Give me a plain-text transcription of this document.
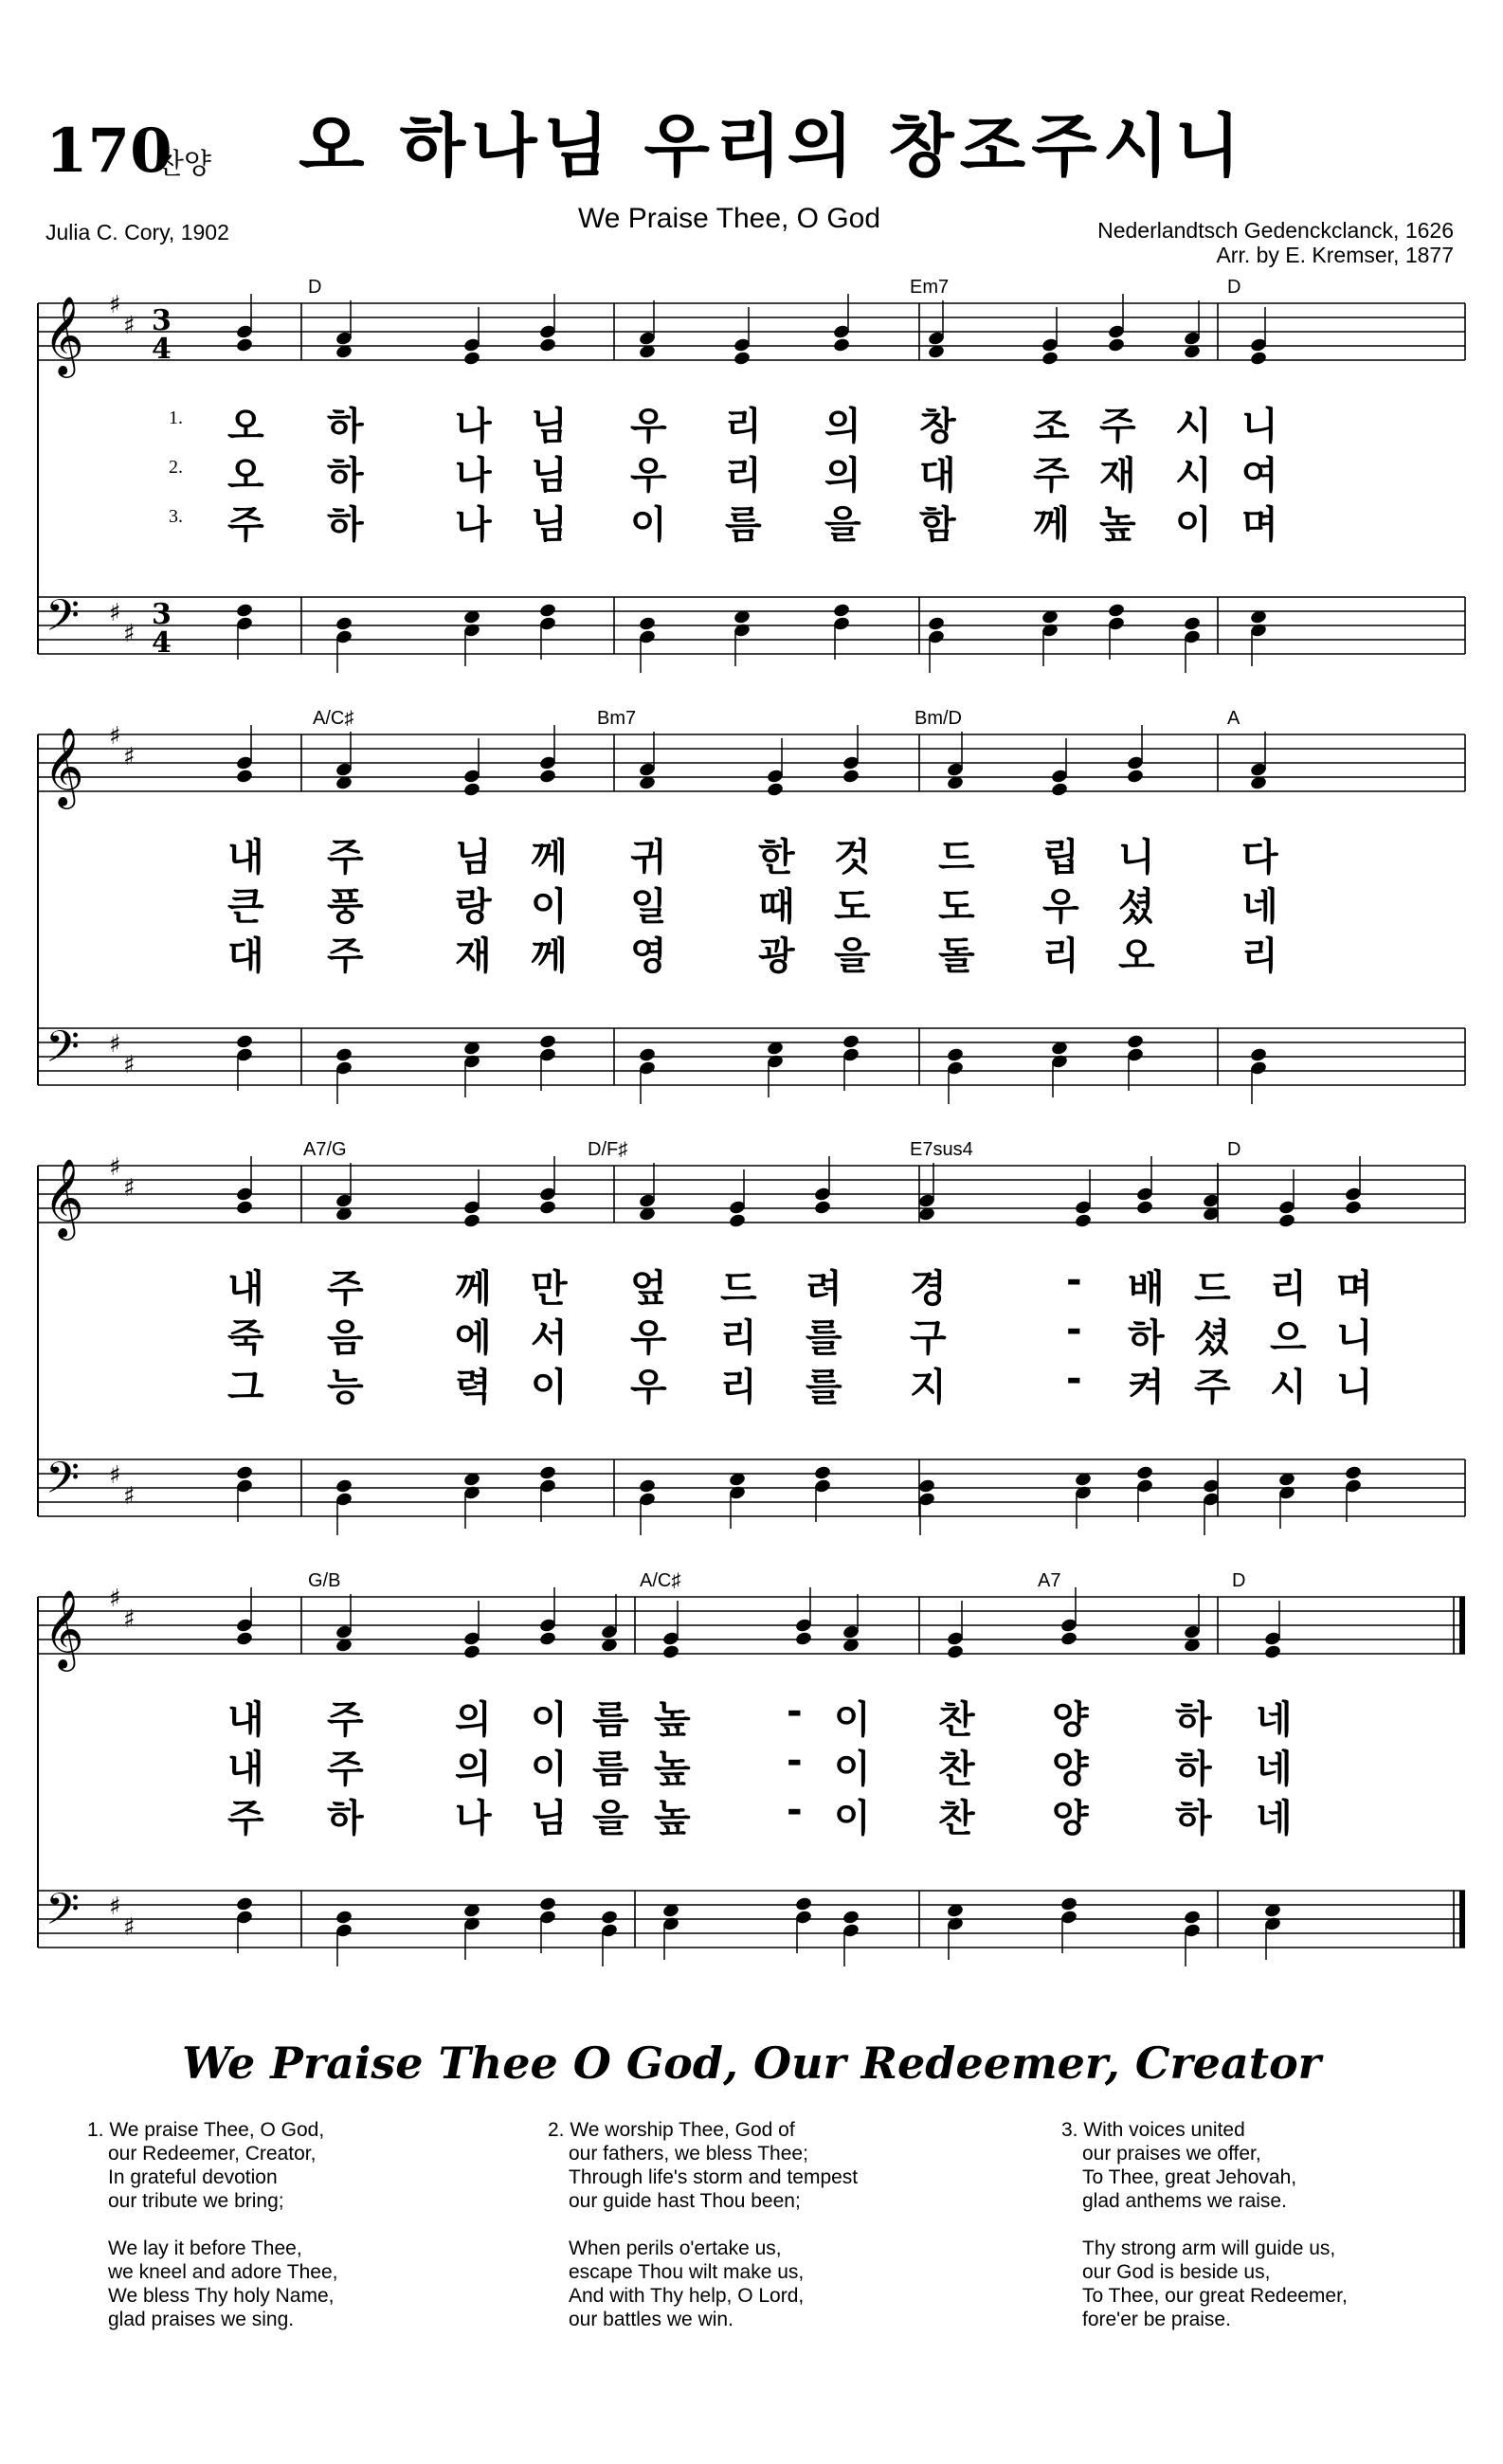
170
찬양 오 하나님 우리의 창조주시니
We Praise Thee, O God
Julia C. Cory, 1902	Nederlandtsch Gedenckclanck, 1626
Arr. by E. Kremser, 1877
𝄞
𝄢
♯
♯
♯
♯
3
4
3
4
D	Em7	D
1. 오 하 나 님 우 리 의 창 조 주 시 니
2. 오 하 나 님 우 리 의 대 주 재 시 여
3. 주 하 나 님 이 름 을 함 께 높 이 며
𝄞
𝄢
♯
♯
♯
♯
A/C♯	Bm7	Bm/D	A
내 주 님 께 귀 한 것 드 립 니 다
큰 풍 랑 이 일 때 도 도 우 셨 네
대 주 재 께 영 광 을 돌 리 오 리
𝄞
𝄢
♯
♯
♯
♯
A7/G	D/F♯	E7sus4	D
내 주 께 만 엎 드 려 경	- 배 드 리 며
죽 음 에 서 우 리 를 구	- 하 셨 으 니
그 능 력 이 우 리 를 지	- 켜 주 시 니
𝄞
𝄢
♯
♯
♯
♯
G/B	A/C♯	A7	D
내 주 의 이 름 높	- 이 찬 양 하 네
내 주 의 이 름 높	- 이 찬 양 하 네
주 하 나 님 을 높	- 이 찬 양 하 네
We Praise Thee O God, Our Redeemer, Creator
1. We praise Thee, O God,
our Redeemer, Creator,
In grateful devotion
our tribute we bring;
We lay it before Thee,
we kneel and adore Thee,
We bless Thy holy Name,
glad praises we sing.
2. We worship Thee, God of
our fathers, we bless Thee;
Through life's storm and tempest
our guide hast Thou been;
When perils o'ertake us,
escape Thou wilt make us,
And with Thy help, O Lord,
our battles we win.
3. With voices united
our praises we offer,
To Thee, great Jehovah,
glad anthems we raise.
Thy strong arm will guide us,
our God is beside us,
To Thee, our great Redeemer,
fore'er be praise.
